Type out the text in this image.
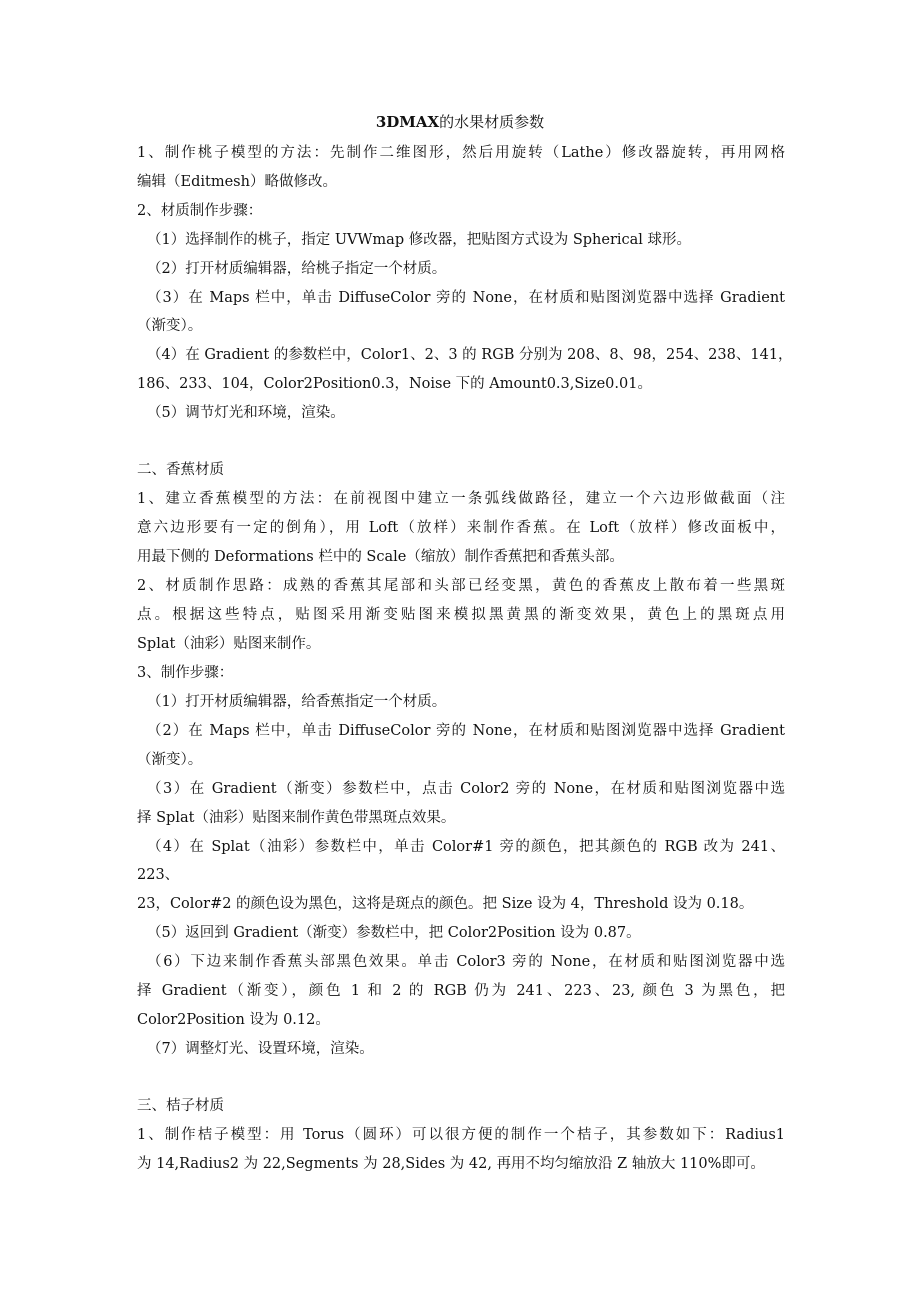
3DMAX的水果材质参数
1、制作桃子模型的方法：先制作二维图形，然后用旋转（Lathe）修改器旋转，再用网格
编辑（Editmesh）略做修改。
2、材质制作步骤：
（1）选择制作的桃子，指定 UVWmap 修改器，把贴图方式设为 Spherical 球形。
（2）打开材质编辑器，给桃子指定一个材质。
（3）在 Maps 栏中，单击 DiffuseColor 旁的 None，在材质和贴图浏览器中选择 Gradient
（渐变）。
（4）在 Gradient 的参数栏中，Color1、2、3 的 RGB 分别为 208、8、98，254、238、141，
186、233、104，Color2Position0.3，Noise 下的 Amount0.3,Size0.01。
（5）调节灯光和环境，渲染。
二、香蕉材质
1、建立香蕉模型的方法：在前视图中建立一条弧线做路径，建立一个六边形做截面（注
意六边形要有一定的倒角），用 Loft（放样）来制作香蕉。在 Loft（放样）修改面板中，
用最下侧的 Deformations 栏中的 Scale（缩放）制作香蕉把和香蕉头部。
2、材质制作思路：成熟的香蕉其尾部和头部已经变黑，黄色的香蕉皮上散布着一些黑斑
点。根据这些特点，贴图采用渐变贴图来模拟黑黄黑的渐变效果，黄色上的黑斑点用
Splat（油彩）贴图来制作。
3、制作步骤：
（1）打开材质编辑器，给香蕉指定一个材质。
（2）在 Maps 栏中，单击 DiffuseColor 旁的 None，在材质和贴图浏览器中选择 Gradient
（渐变）。
（3）在 Gradient（渐变）参数栏中，点击 Color2 旁的 None，在材质和贴图浏览器中选
择 Splat（油彩）贴图来制作黄色带黑斑点效果。
（4）在 Splat（油彩）参数栏中，单击 Color#1 旁的颜色，把其颜色的 RGB 改为 241、
223、
23，Color#2 的颜色设为黑色，这将是斑点的颜色。把 Size 设为 4，Threshold 设为 0.18。
（5）返回到 Gradient（渐变）参数栏中，把 Color2Position 设为 0.87。
（6）下边来制作香蕉头部黑色效果。单击 Color3 旁的 None，在材质和贴图浏览器中选
择 Gradient（渐变），颜色 1 和 2 的 RGB 仍为 241、223、23, 颜色 3 为黑色，把
Color2Position 设为 0.12。
（7）调整灯光、设置环境，渲染。
三、桔子材质
1、制作桔子模型：用 Torus（圆环）可以很方便的制作一个桔子，其参数如下：Radius1
为 14,Radius2 为 22,Segments 为 28,Sides 为 42, 再用不均匀缩放沿 Z 轴放大 110%即可。
